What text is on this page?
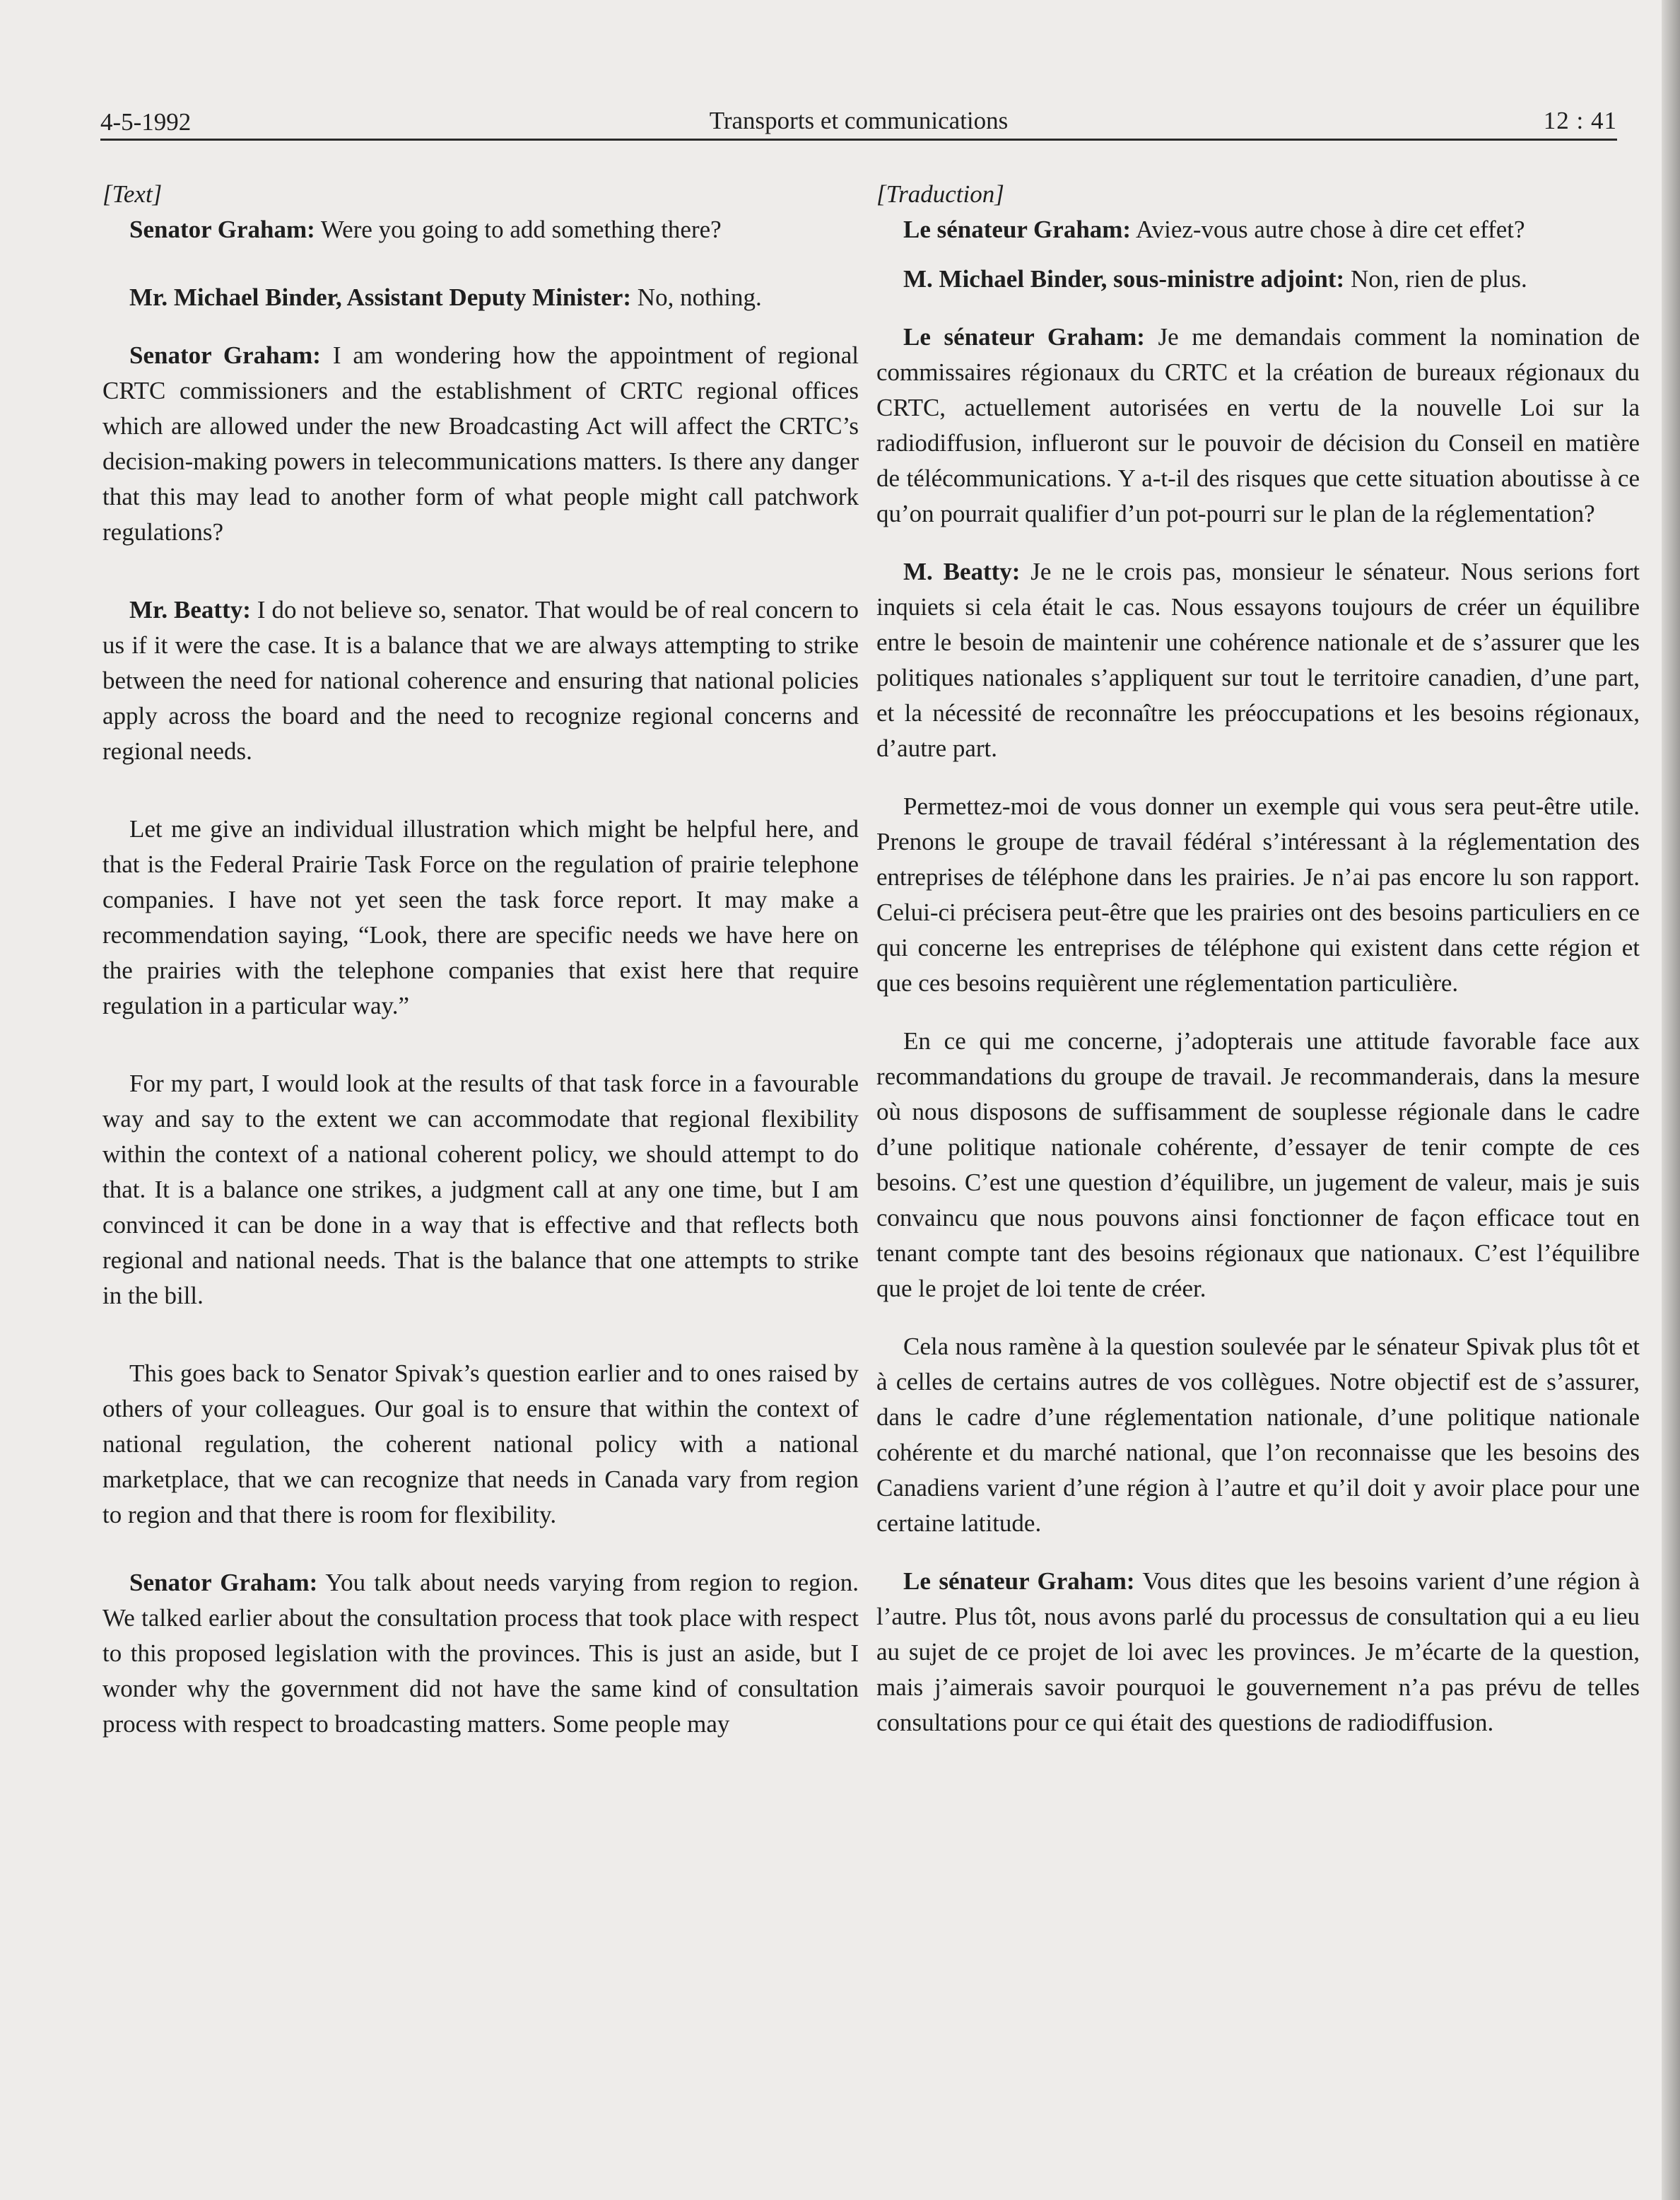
4-5-1992	Transports et communications	12 : 41

[Text]

Senator Graham: Were you going to add something there?

Mr. Michael Binder, Assistant Deputy Minister: No, nothing.

Senator Graham: I am wondering how the appointment of regional CRTC commissioners and the establishment of CRTC regional offices which are allowed under the new Broadcasting Act will affect the CRTC’s decision-making powers in telecommunications matters. Is there any danger that this may lead to another form of what people might call patchwork regulations?

Mr. Beatty: I do not believe so, senator. That would be of real concern to us if it were the case. It is a balance that we are always attempting to strike between the need for national coherence and ensuring that national policies apply across the board and the need to recognize regional concerns and regional needs.

Let me give an individual illustration which might be helpful here, and that is the Federal Prairie Task Force on the regulation of prairie telephone companies. I have not yet seen the task force report. It may make a recommendation saying, “Look, there are specific needs we have here on the prairies with the telephone companies that exist here that require regulation in a particular way.”

For my part, I would look at the results of that task force in a favourable way and say to the extent we can accommodate that regional flexibility within the context of a national coherent policy, we should attempt to do that. It is a balance one strikes, a judgment call at any one time, but I am convinced it can be done in a way that is effective and that reflects both regional and national needs. That is the balance that one attempts to strike in the bill.

This goes back to Senator Spivak’s question earlier and to ones raised by others of your colleagues. Our goal is to ensure that within the context of national regulation, the coherent national policy with a national marketplace, that we can recognize that needs in Canada vary from region to region and that there is room for flexibility.

Senator Graham: You talk about needs varying from region to region. We talked earlier about the consultation process that took place with respect to this proposed legislation with the provinces. This is just an aside, but I wonder why the government did not have the same kind of consultation process with respect to broadcasting matters. Some people may

[Traduction]

Le sénateur Graham: Aviez-vous autre chose à dire cet effet?

M. Michael Binder, sous-ministre adjoint: Non, rien de plus.

Le sénateur Graham: Je me demandais comment la nomination de commissaires régionaux du CRTC et la création de bureaux régionaux du CRTC, actuellement autorisées en vertu de la nouvelle Loi sur la radiodiffusion, influeront sur le pouvoir de décision du Conseil en matière de télécommunications. Y a-t-il des risques que cette situation aboutisse à ce qu’on pourrait qualifier d’un pot-pourri sur le plan de la réglementation?

M. Beatty: Je ne le crois pas, monsieur le sénateur. Nous serions fort inquiets si cela était le cas. Nous essayons toujours de créer un équilibre entre le besoin de maintenir une cohérence nationale et de s’assurer que les politiques nationales s’appliquent sur tout le territoire canadien, d’une part, et la nécessité de reconnaître les préoccupations et les besoins régionaux, d’autre part.

Permettez-moi de vous donner un exemple qui vous sera peut-être utile. Prenons le groupe de travail fédéral s’intéressant à la réglementation des entreprises de téléphone dans les prairies. Je n’ai pas encore lu son rapport. Celui-ci précisera peut-être que les prairies ont des besoins particuliers en ce qui concerne les entreprises de téléphone qui existent dans cette région et que ces besoins requièrent une réglementation particulière.

En ce qui me concerne, j’adopterais une attitude favorable face aux recommandations du groupe de travail. Je recommanderais, dans la mesure où nous disposons de suffisamment de souplesse régionale dans le cadre d’une politique nationale cohérente, d’essayer de tenir compte de ces besoins. C’est une question d’équilibre, un jugement de valeur, mais je suis convaincu que nous pouvons ainsi fonctionner de façon efficace tout en tenant compte tant des besoins régionaux que nationaux. C’est l’équilibre que le projet de loi tente de créer.

Cela nous ramène à la question soulevée par le sénateur Spivak plus tôt et à celles de certains autres de vos collègues. Notre objectif est de s’assurer, dans le cadre d’une réglementation nationale, d’une politique nationale cohérente et du marché national, que l’on reconnaisse que les besoins des Canadiens varient d’une région à l’autre et qu’il doit y avoir place pour une certaine latitude.

Le sénateur Graham: Vous dites que les besoins varient d’une région à l’autre. Plus tôt, nous avons parlé du processus de consultation qui a eu lieu au sujet de ce projet de loi avec les provinces. Je m’écarte de la question, mais j’aimerais savoir pourquoi le gouvernement n’a pas prévu de telles consultations pour ce qui était des questions de radiodiffusion.
